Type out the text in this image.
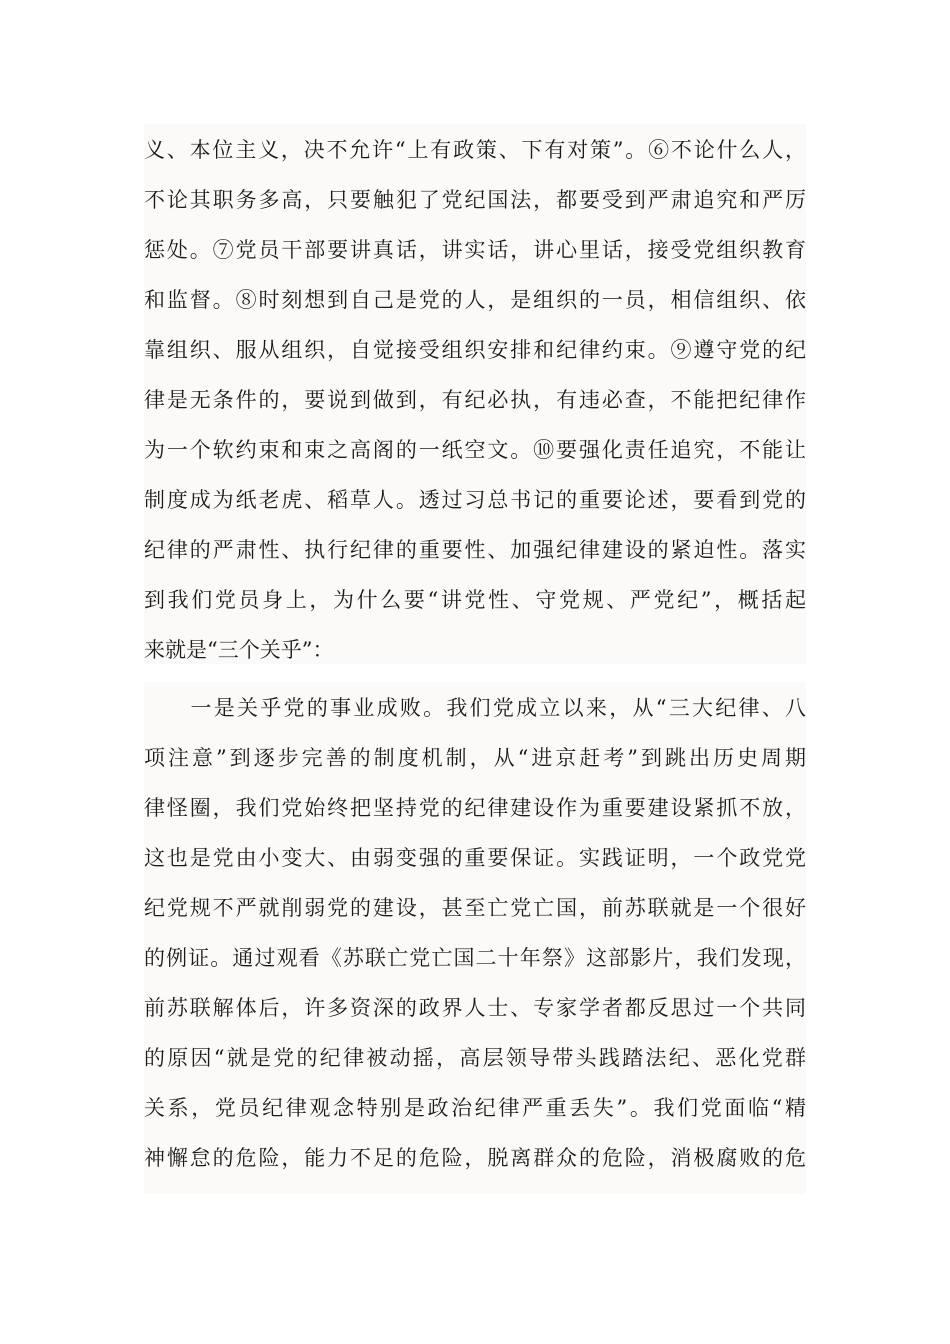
义、本位主义，决不允许“上有政策、下有对策”。⑥不论什么人，
不论其职务多高，只要触犯了党纪国法，都要受到严肃追究和严厉
惩处。⑦党员干部要讲真话，讲实话，讲心里话，接受党组织教育
和监督。⑧时刻想到自己是党的人，是组织的一员，相信组织、依
靠组织、服从组织，自觉接受组织安排和纪律约束。⑨遵守党的纪
律是无条件的，要说到做到，有纪必执，有违必查，不能把纪律作
为一个软约束和束之高阁的一纸空文。⑩要强化责任追究，不能让
制度成为纸老虎、稻草人。透过习总书记的重要论述，要看到党的
纪律的严肃性、执行纪律的重要性、加强纪律建设的紧迫性。落实
到我们党员身上，为什么要“讲党性、守党规、严党纪”，概括起
来就是“三个关乎”：
　　一是关乎党的事业成败。我们党成立以来，从“三大纪律、八
项注意”到逐步完善的制度机制，从“进京赶考”到跳出历史周期
律怪圈，我们党始终把坚持党的纪律建设作为重要建设紧抓不放，
这也是党由小变大、由弱变强的重要保证。实践证明，一个政党党
纪党规不严就削弱党的建设，甚至亡党亡国，前苏联就是一个很好
的例证。通过观看《苏联亡党亡国二十年祭》这部影片，我们发现，
前苏联解体后，许多资深的政界人士、专家学者都反思过一个共同
的原因“就是党的纪律被动摇，高层领导带头践踏法纪、恶化党群
关系，党员纪律观念特别是政治纪律严重丢失”。我们党面临“精
神懈怠的危险，能力不足的危险，脱离群众的危险，消极腐败的危
